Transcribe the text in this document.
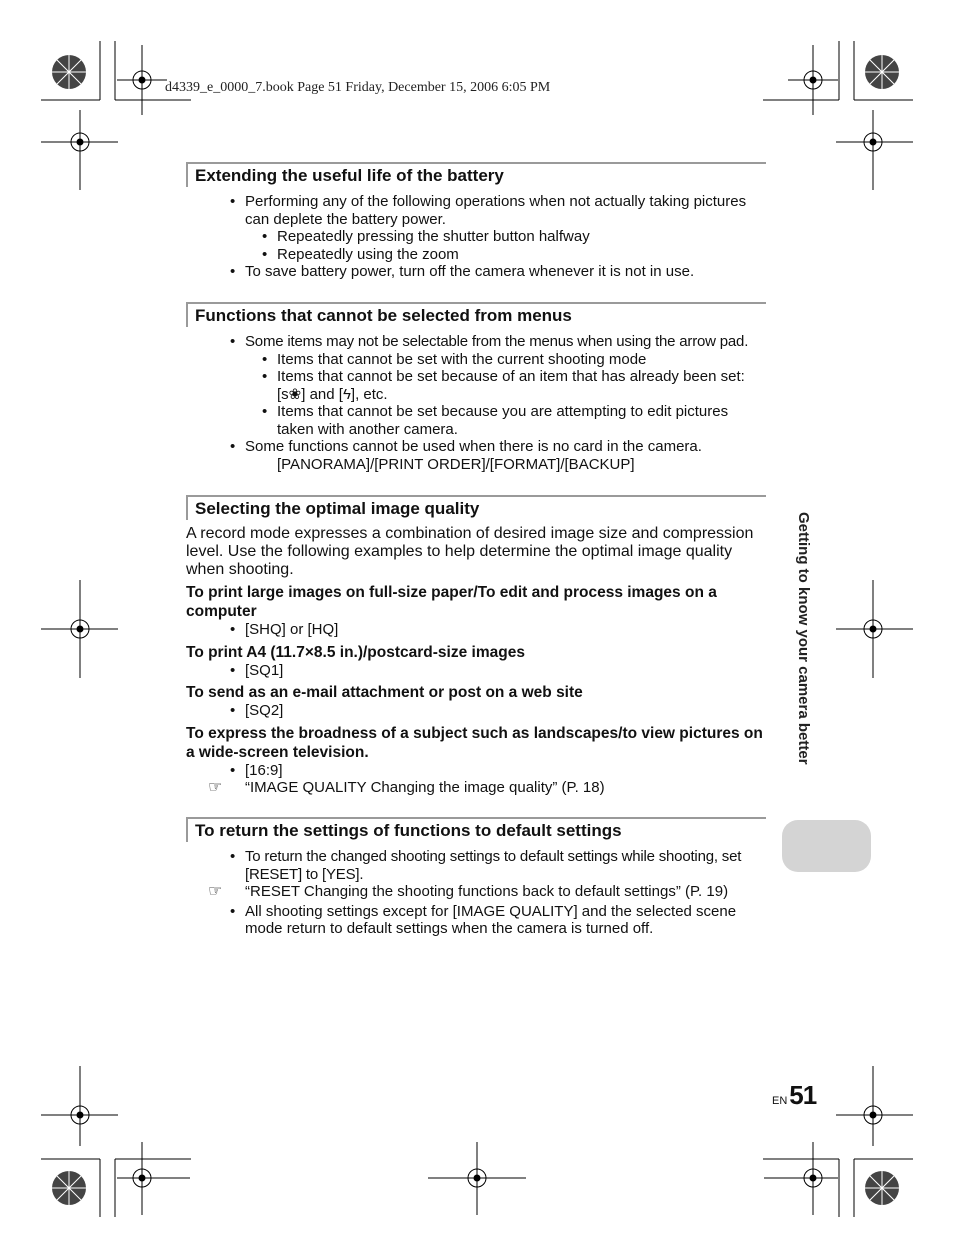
d4339_e_0000_7.book Page 51 Friday, December 15, 2006 6:05 PM
Extending the useful life of the battery
• Performing any of the following operations when not actually taking pictures can deplete the battery power.
• Repeatedly pressing the shutter button halfway
• Repeatedly using the zoom
• To save battery power, turn off the camera whenever it is not in use.
Functions that cannot be selected from menus
• Some items may not be selectable from the menus when using the arrow pad.
• Items that cannot be set with the current shooting mode
• Items that cannot be set because of an item that has already been set:
[s❀] and [ϟ], etc.
• Items that cannot be set because you are attempting to edit pictures taken with another camera.
• Some functions cannot be used when there is no card in the camera.
[PANORAMA]/[PRINT ORDER]/[FORMAT]/[BACKUP]
Selecting the optimal image quality
A record mode expresses a combination of desired image size and compression level. Use the following examples to help determine the optimal image quality when shooting.
To print large images on full-size paper/To edit and process images on a computer
• [SHQ] or [HQ]
To print A4 (11.7×8.5 in.)/postcard-size images
• [SQ1]
To send as an e-mail attachment or post on a web site
• [SQ2]
To express the broadness of a subject such as landscapes/to view pictures on a wide-screen television.
• [16:9]
☞ “IMAGE QUALITY Changing the image quality” (P. 18)
To return the settings of functions to default settings
• To return the changed shooting settings to default settings while shooting, set [RESET] to [YES].
☞ “RESET Changing the shooting functions back to default settings” (P. 19)
• All shooting settings except for [IMAGE QUALITY] and the selected scene mode return to default settings when the camera is turned off.
Getting to know your camera better
EN51
